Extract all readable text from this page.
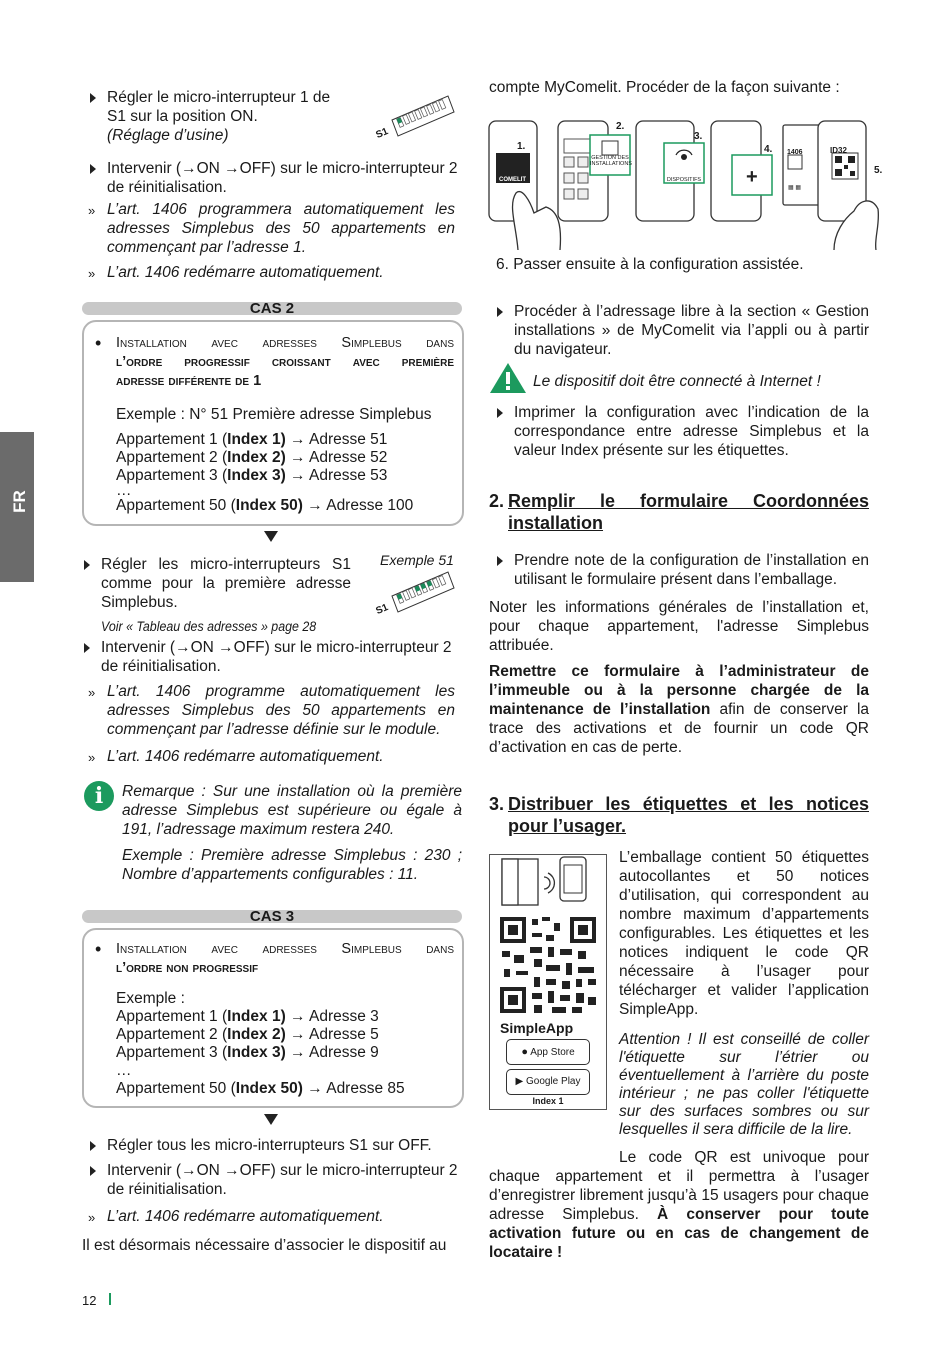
FR
Régler le micro-interrupteur 1 de S1 sur la position ON.
(Réglage d’usine)	S1
Intervenir (→ON →OFF) sur le micro-interrupteur 2 de réinitialisation.
» L’art. 1406 programmera automatiquement les adresses Simplebus des 50 appartements en commençant par l’adresse 1.
» L’art. 1406 redémarre automatiquement.
CAS 2
• Installation avec adresses Simplebus dans
l’ordre progressif croissant avec première
adresse différente de 1
Exemple : N° 51 Première adresse Simplebus
Appartement 1 (Index 1) → Adresse 51
Appartement 2 (Index 2) → Adresse 52
Appartement 3 (Index 3) → Adresse 53
…
Appartement 50 (Index 50) → Adresse 100
Exemple 51
S1
Régler les micro-interrupteurs S1 comme pour la première adresse Simplebus.
Voir « Tableau des adresses » page 28
Intervenir (→ON →OFF) sur le micro-interrupteur 2 de réinitialisation.
» L’art. 1406 programme automatiquement les adresses Simplebus des 50 appartements en commençant par l’adresse définie sur le module.
» L’art. 1406 redémarre automatiquement.
i	Remarque : Sur une installation où la première adresse Simplebus est supérieure ou égale à 191, l’adressage maximum restera 240.
Exemple : Première adresse Simplebus : 230 ; Nombre d’appartements configurables : 11.
CAS 3
• Installation avec adresses Simplebus dans
l’ordre non progressif
Exemple :
Appartement 1 (Index 1) → Adresse 3
Appartement 2 (Index 2) → Adresse 5
Appartement 3 (Index 3) → Adresse 9
…
Appartement 50 (Index 50) → Adresse 85
Régler tous les micro-interrupteurs S1 sur OFF.
Intervenir (→ON →OFF) sur le micro-interrupteur 2 de réinitialisation.
» L’art. 1406 redémarre automatiquement.
Il est désormais nécessaire d’associer le dispositif au
compte MyComelit. Procéder de la façon suivante :
+	▦ ▦
1.
2.
3.
4.
5.
COMELIT
GESTION DES INSTALLATIONS
DISPOSITIFS
1406	ID32
6. Passer ensuite à la configuration assistée.
Procéder à l’adressage libre à la section « Gestion installations » de MyComelit via l’appli ou à partir du navigateur.
Le dispositif doit être connecté à Internet !
Imprimer la configuration avec l’indication de la correspondance entre adresse Simplebus et la valeur Index présente sur les étiquettes.
2. Remplir le formulaire Coordonnées
installation
Prendre note de la configuration de l’installation en utilisant le formulaire présent dans l’emballage.
Noter les informations générales de l’installation et, pour chaque appartement, l'adresse Simplebus attribuée.
Remettre ce formulaire à l’administrateur de l’immeuble ou à la personne chargée de la maintenance de l’installation afin de conserver la trace des activations et de fournir un code QR d’activation en cas de perte.
3. Distribuer les étiquettes et les notices
pour l’usager.
SimpleApp
● App Store
▶ Google Play
Index 1
L’emballage contient 50 étiquettes autocollantes et 50 notices d’utilisation, qui correspondent au nombre maximum d’appartements configurables. Les étiquettes et les notices indiquent le code QR nécessaire à l’usager pour télécharger et valider l’application SimpleApp.
Attention ! Il est conseillé de coller l'étiquette sur l’étrier ou éventuellement à l’arrière du poste intérieur ; ne pas coller l'étiquette sur des surfaces sombres ou sur lesquelles il sera difficile de la lire.
Le code QR est univoque pour chaque appartement et il permettra à l’usager d’enregistrer librement jusqu’à 15 usagers pour chaque adresse Simplebus. À conserver pour toute activation future ou en cas de changement de locataire !
12
